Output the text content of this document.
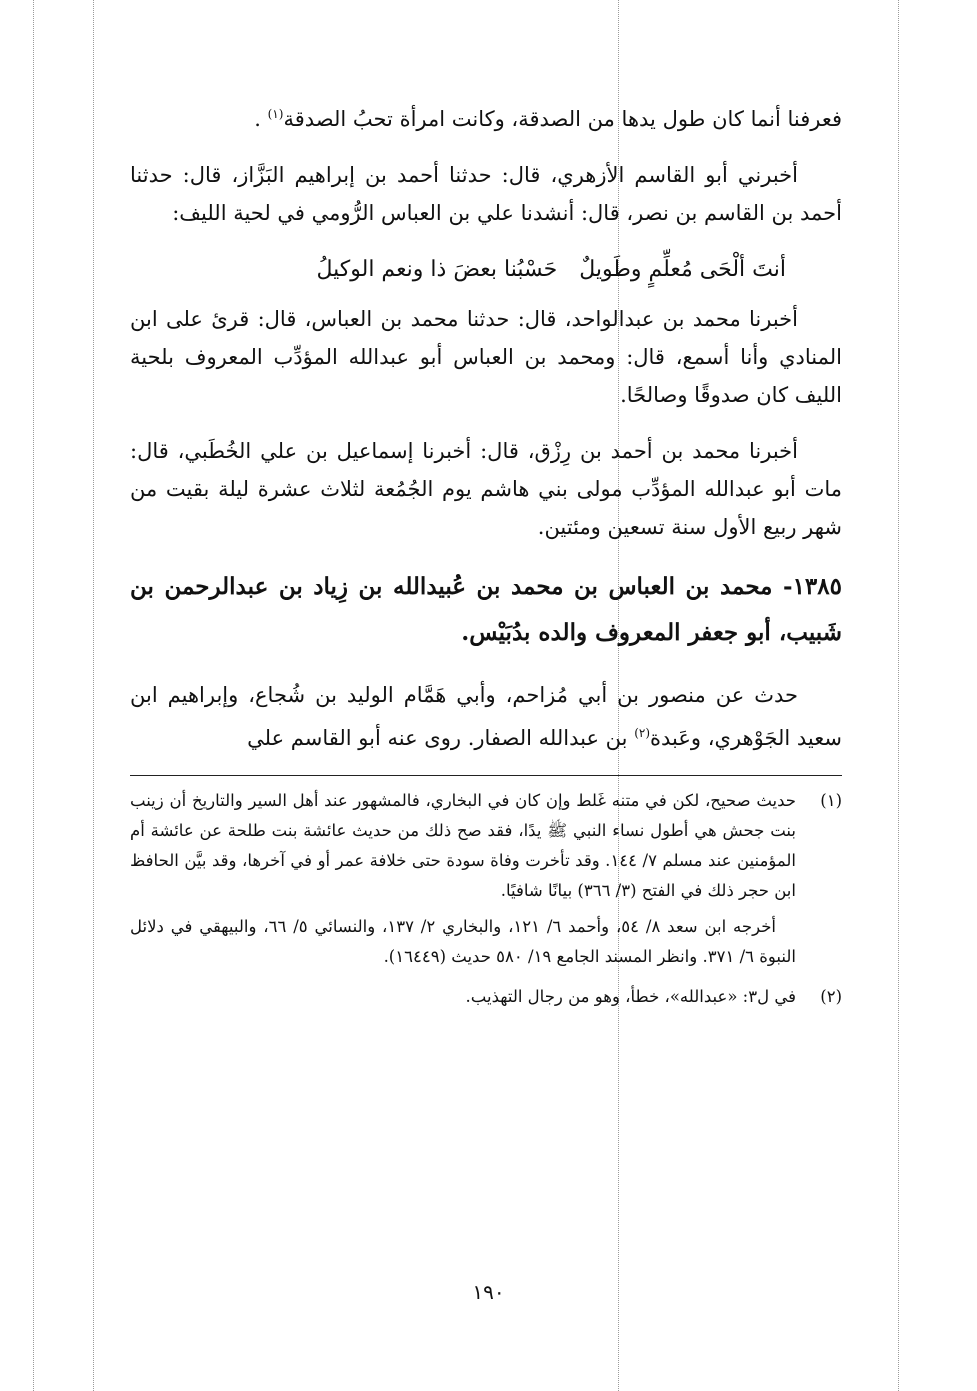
فعرفنا أنما كان طول يدها من الصدقة، وكانت امرأة تحبُ الصدقة$^{(١)}$ .

أخبرني أبو القاسم الأزهري، قال: حدثنا أحمد بن إبراهيم البَزَّاز، قال: حدثنا أحمد بن القاسم بن نصر، قال: أنشدنا علي بن العباس الرُّومي في لحية الليف:

أنتَ ألْحَى مُعلِّمٍ وطَويلٌ
حَسْبُنا بعضَ ذا ونعم الوكيلُ

أخبرنا محمد بن عبدالواحد، قال: حدثنا محمد بن العباس، قال: قرئ على ابن المنادي وأنا أسمع، قال: ومحمد بن العباس أبو عبدالله المؤدِّب المعروف بلحية الليف كان صدوقًا وصالحًا.

أخبرنا محمد بن أحمد بن رِزْق، قال: أخبرنا إسماعيل بن علي الخُطَبي، قال: مات أبو عبدالله المؤدِّب مولى بني هاشم يوم الجُمُعة لثلاث عشرة ليلة بقيت من شهر ربيع الأول سنة تسعين ومئتين.

١٣٨٥- محمد بن العباس بن محمد بن عُبيدالله بن زِياد بن عبدالرحمن بن شَبيب، أبو جعفر المعروف والده بدُبَيْس.

حدث عن منصور بن أبي مُزاحم، وأبي هَمَّام الوليد بن شُجاع، وإبراهيم ابن سعيد الجَوْهري، وعَبدة$^{(٢)}$ بن عبدالله الصفار. روى عنه أبو القاسم علي

(١)
حديث صحيح، لكن في متنه غَلط وإن كان في البخاري، فالمشهور عند أهل السير والتاريخ أن زينب بنت جحش هي أطول نساء النبي ﷺ يدًا، فقد صح ذلك من حديث عائشة بنت طلحة عن عائشة أم المؤمنين عند مسلم ٧/ ١٤٤. وقد تأخرت وفاة سودة حتى خلافة عمر أو في آخرها، وقد بيَّن الحافظ ابن حجر ذلك في الفتح (٣/ ٣٦٦) بيانًا شافيًا.

أخرجه ابن سعد ٨/ ٥٤، وأحمد ٦/ ١٢١، والبخاري ٢/ ١٣٧، والنسائي ٥/ ٦٦، والبيهقي في دلائل النبوة ٦/ ٣٧١. وانظر المسند الجامع ١٩/ ٥٨٠ حديث (١٦٤٤٩).

(٢)
في ل٣: «عبدالله»، خطأ، وهو من رجال التهذيب.

١٩٠
